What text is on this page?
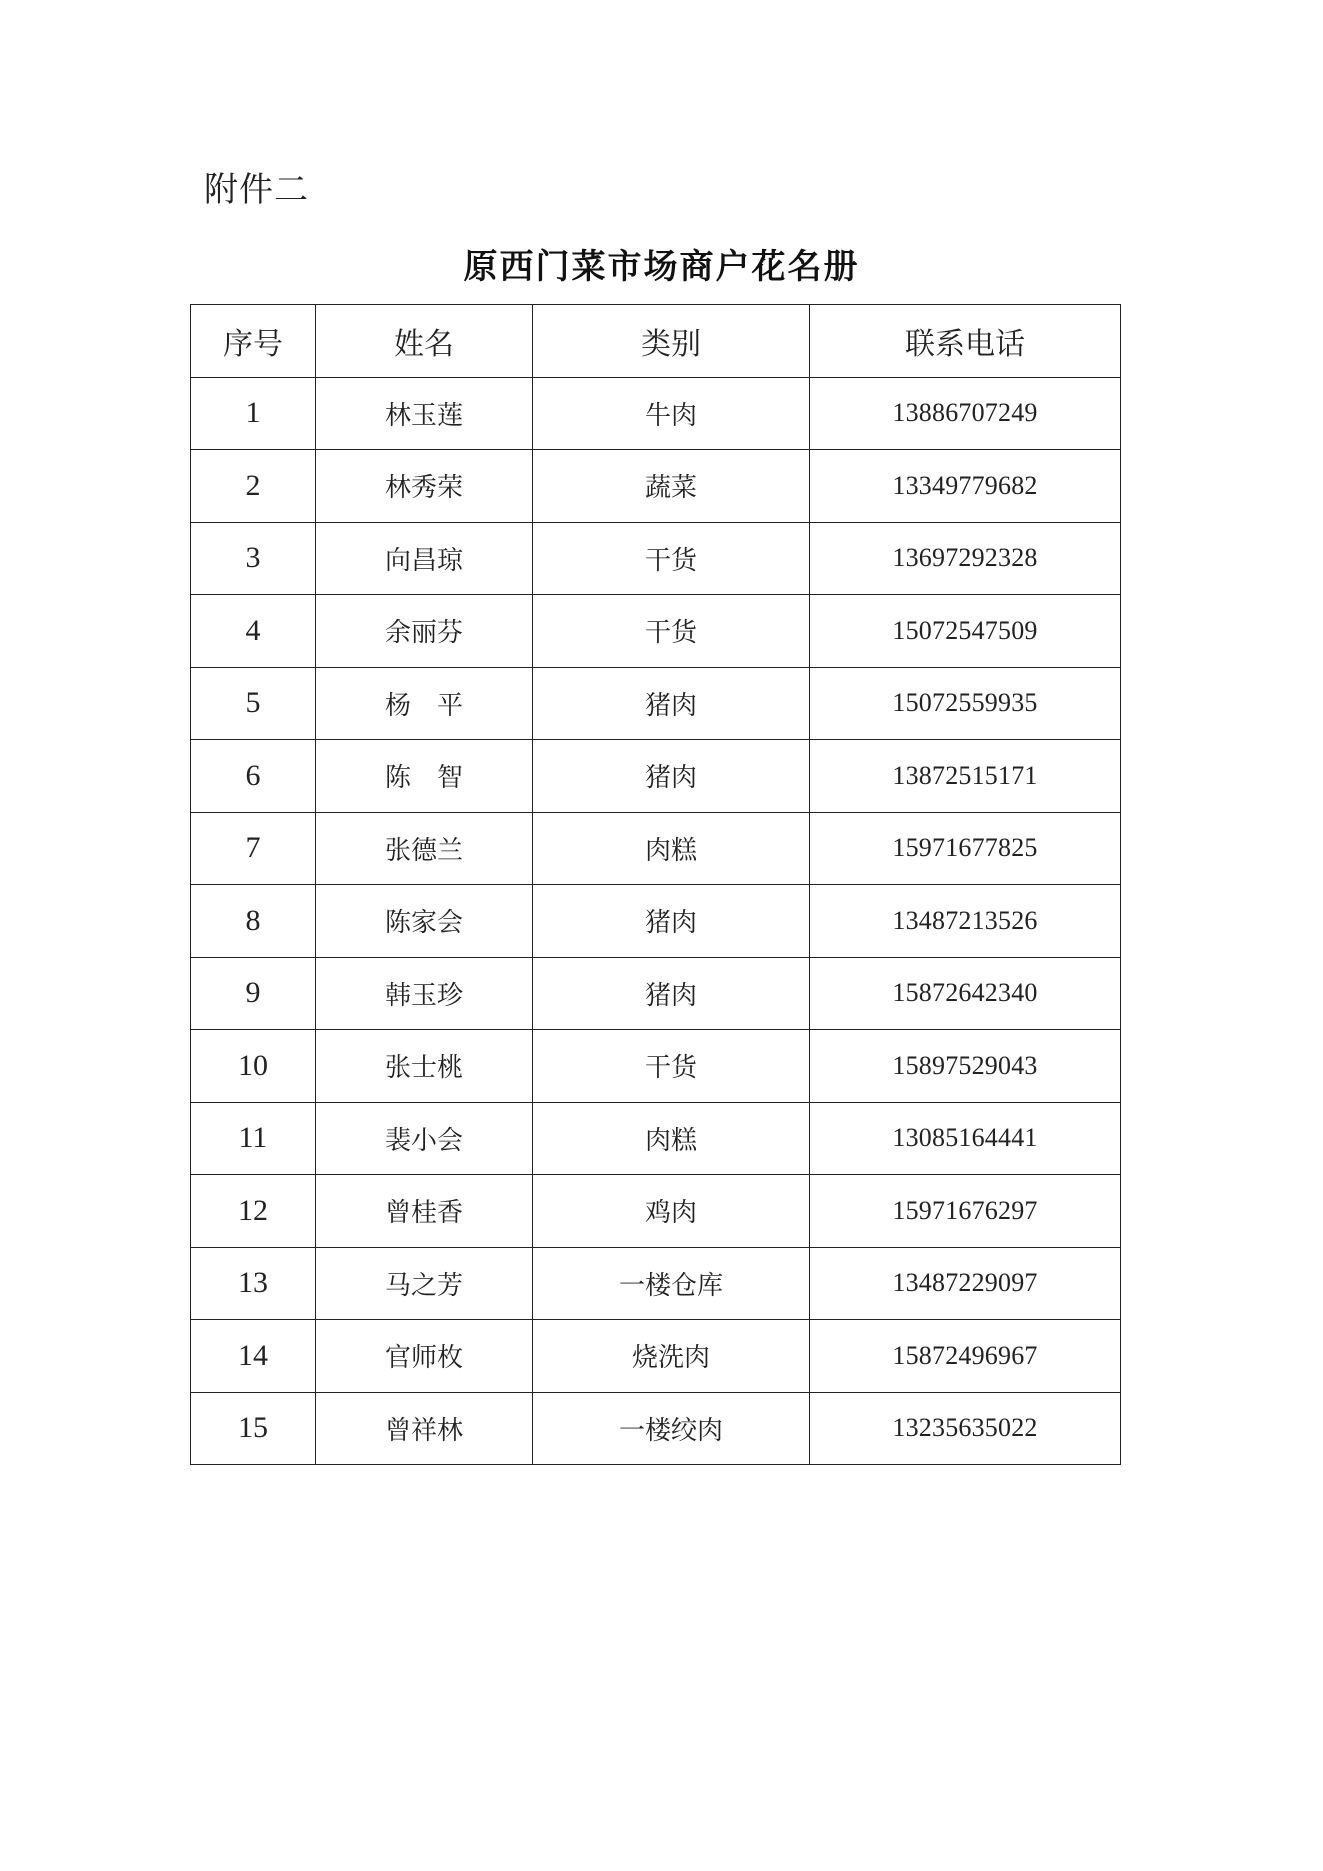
附件二
原西门菜市场商户花名册
序号	姓名	类别	联系电话
1	林玉莲	牛肉	13886707249
2	林秀荣	蔬菜	13349779682
3	向昌琼	干货	13697292328
4	余丽芬	干货	15072547509
5	杨　平	猪肉	15072559935
6	陈　智	猪肉	13872515171
7	张德兰	肉糕	15971677825
8	陈家会	猪肉	13487213526
9	韩玉珍	猪肉	15872642340
10	张士桃	干货	15897529043
11	裴小会	肉糕	13085164441
12	曾桂香	鸡肉	15971676297
13	马之芳	一楼仓库	13487229097
14	官师枚	烧洗肉	15872496967
15	曾祥林	一楼绞肉	13235635022
